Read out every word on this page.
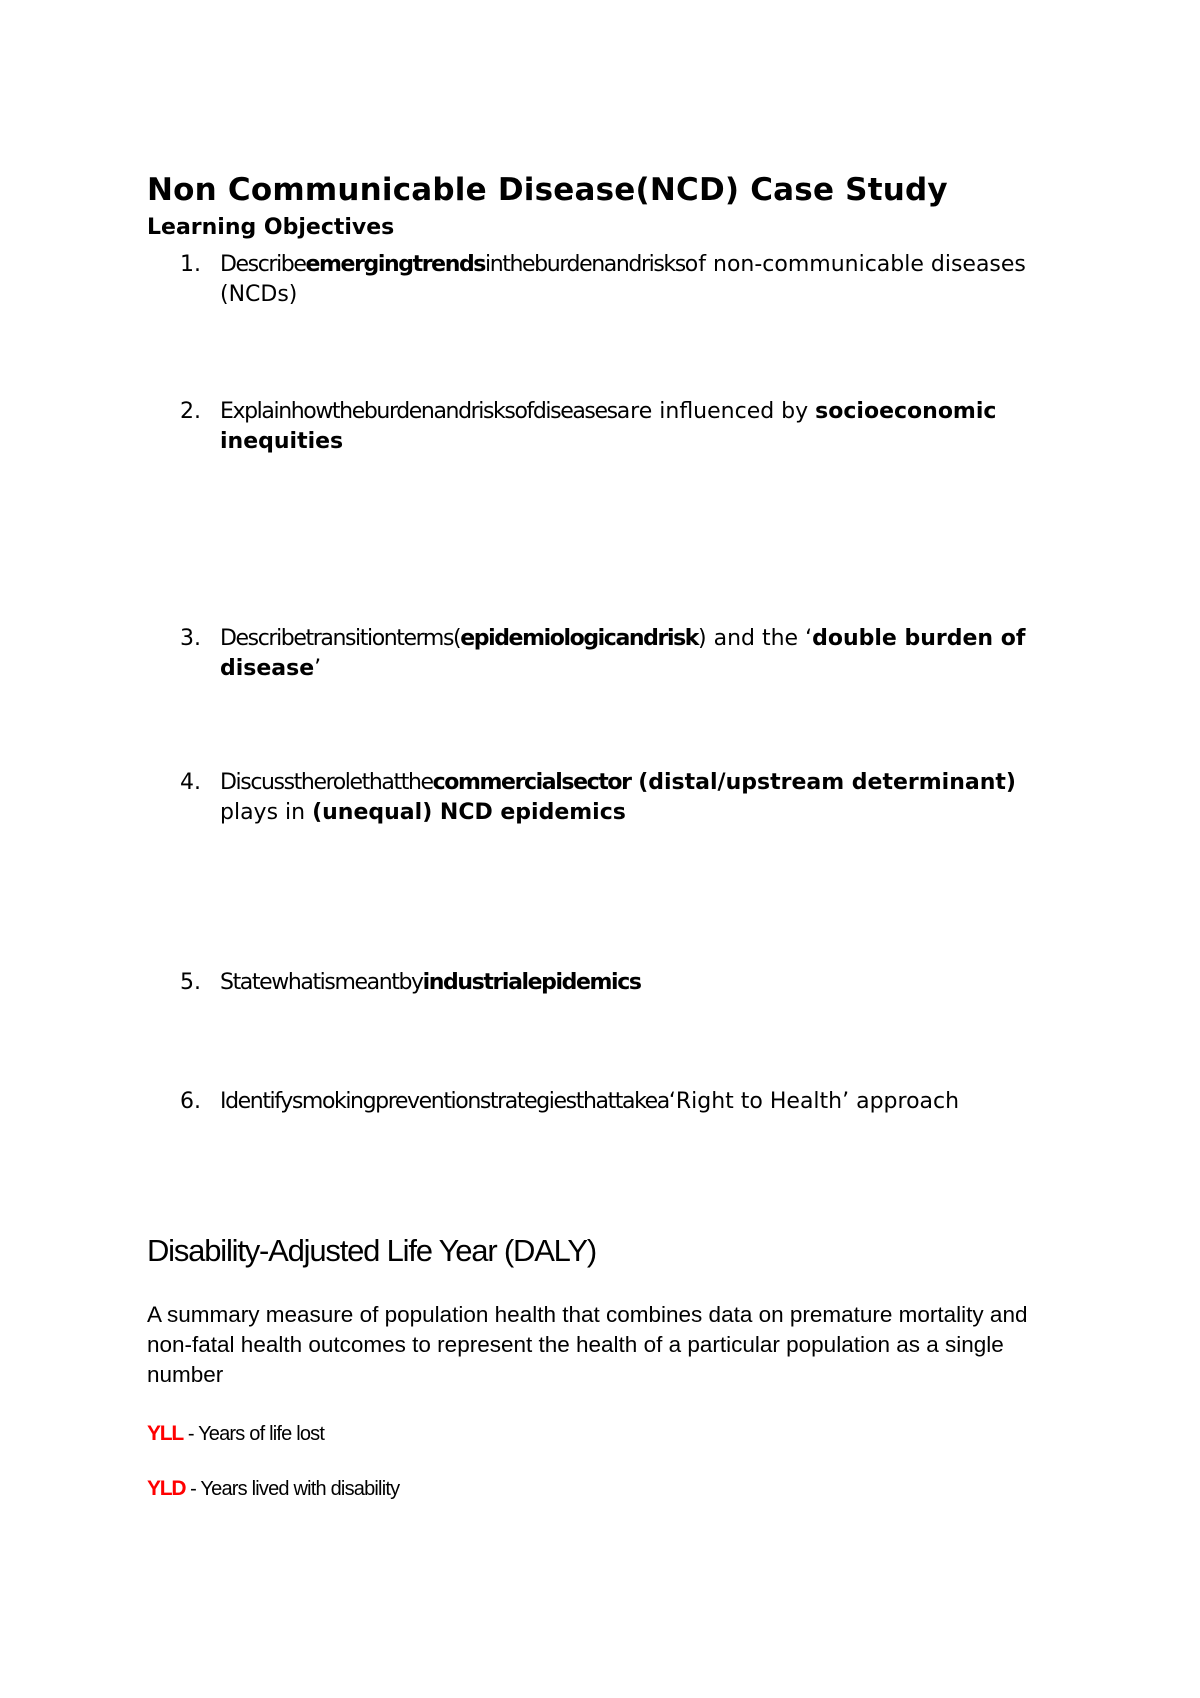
Non Communicable Disease(NCD) Case Study
Learning Objectives
1. Describeemergingtrendsintheburdenandrisksof non-communicable diseases (NCDs)
2. Explainhowtheburdenandrisksofdiseasesare influenced by socioeconomic inequities
3. Describetransitionterms(epidemiologicandrisk) and the ‘double burden of disease’
4. Discusstherolethatthecommercialsector (distal/upstream determinant) plays in (unequal) NCD epidemics
5. Statewhatismeantbyindustrialepidemics
6. Identifysmokingpreventionstrategiesthattakea‘Right to Health’ approach
Disability-Adjusted Life Year (DALY)
A summary measure of population health that combines data on premature mortality and non-fatal health outcomes to represent the health of a particular population as a single number
YLL - Years of life lost
YLD - Years lived with disability
